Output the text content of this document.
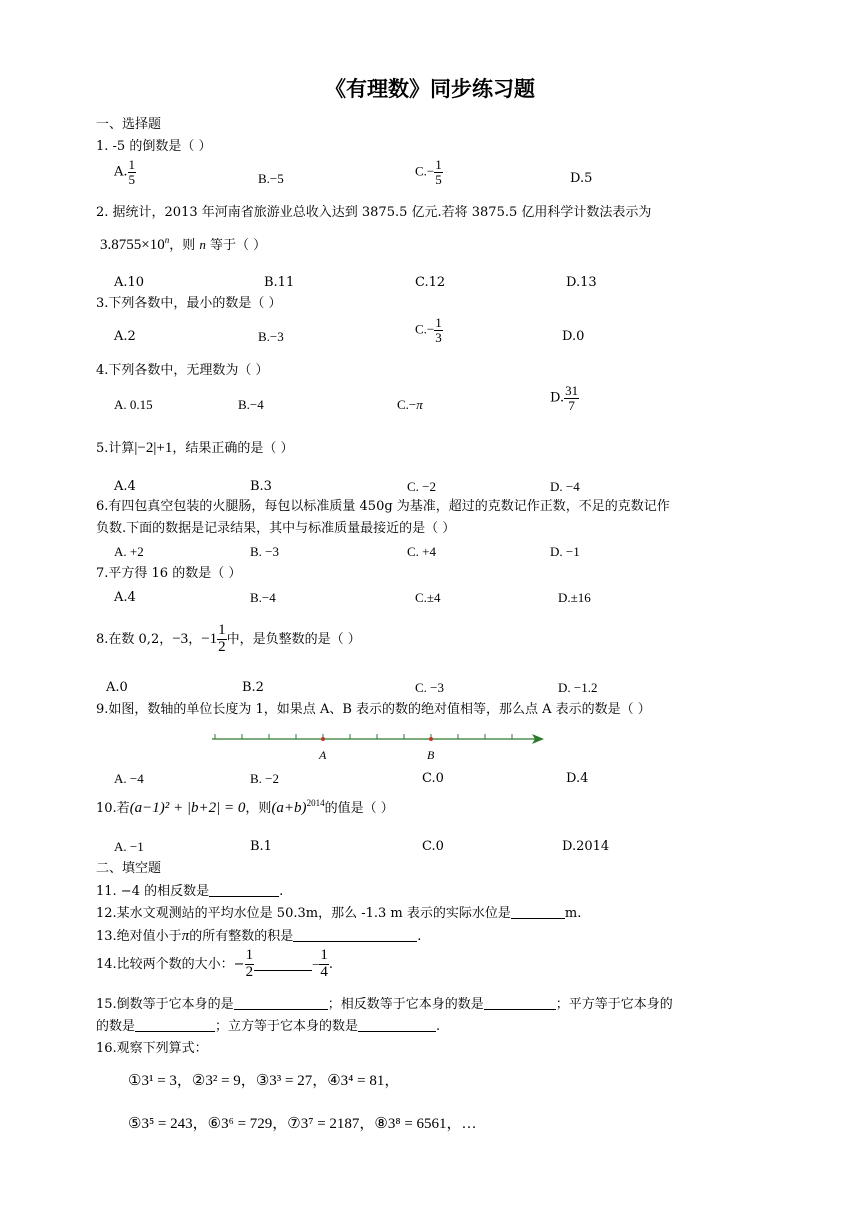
《有理数》同步练习题
一、选择题
1. -5 的倒数是（ ）
A. $\frac{1}{5}$	B.−5	$C.- \frac{1}{5}$	D.5
2. 据统计，2013 年河南省旅游业总收入达到 3875.5 亿元.若将 3875.5 亿用科学计数法表示为
$3.8755\times 10^n$，则 n 等于（ ）
A.10	B.11	C.12	D.13
3.下列各数中，最小的数是（ ）
A.2	B.−3	$C.- \frac{1}{3}$	D.0
4.下列各数中，无理数为（ ）
A. 0.15	B.−4	C.−π	D. $\frac{31}{7}$
5.计算|−2|+1，结果正确的是（ ）
A.4	B.3	C. −2	D. −4
6.有四包真空包装的火腿肠，每包以标准质量 450g 为基准，超过的克数记作正数，不足的克数记作
负数.下面的数据是记录结果，其中与标准质量最接近的是（ ）
A. +2	B. −3	C. +4	D. −1
7.平方得 16 的数是（ ）
A.4	B.−4	C.±4	D.±16
8.在数 0,2，−3，$-1 \frac{1}{2}$ 中，是负整数的是（ ）
A.0	B.2	C. −3	D. −1.2
9.如图，数轴的单位长度为 1，如果点 A、B 表示的数的绝对值相等，那么点 A 表示的数是（ ）
A	B
A. −4	B. −2	C.0	D.4
10.若(a−1)² + |b+2| = 0，则$(a+b)^{2014}$的值是（ ）
A. −1	B.1	C.0	D.2014
二、填空题
11. −4 的相反数是	.
12.某水文观测站的平均水位是 50.3m，那么 -1.3 m 表示的实际水位是	m.
13.绝对值小于π的所有整数的积是	.
14.比较两个数的大小：− $\frac{1}{2}$	− $\frac{1}{4}$ .
15.倒数等于它本身的是	；相反数等于它本身的数是	；平方等于它本身的
的数是	；立方等于它本身的数是	.
16.观察下列算式：
①3¹ = 3，②3² = 9，③3³ = 27，④3⁴ = 81，
⑤3⁵ = 243，⑥3⁶ = 729，⑦3⁷ = 2187，⑧3⁸ = 6561，…
